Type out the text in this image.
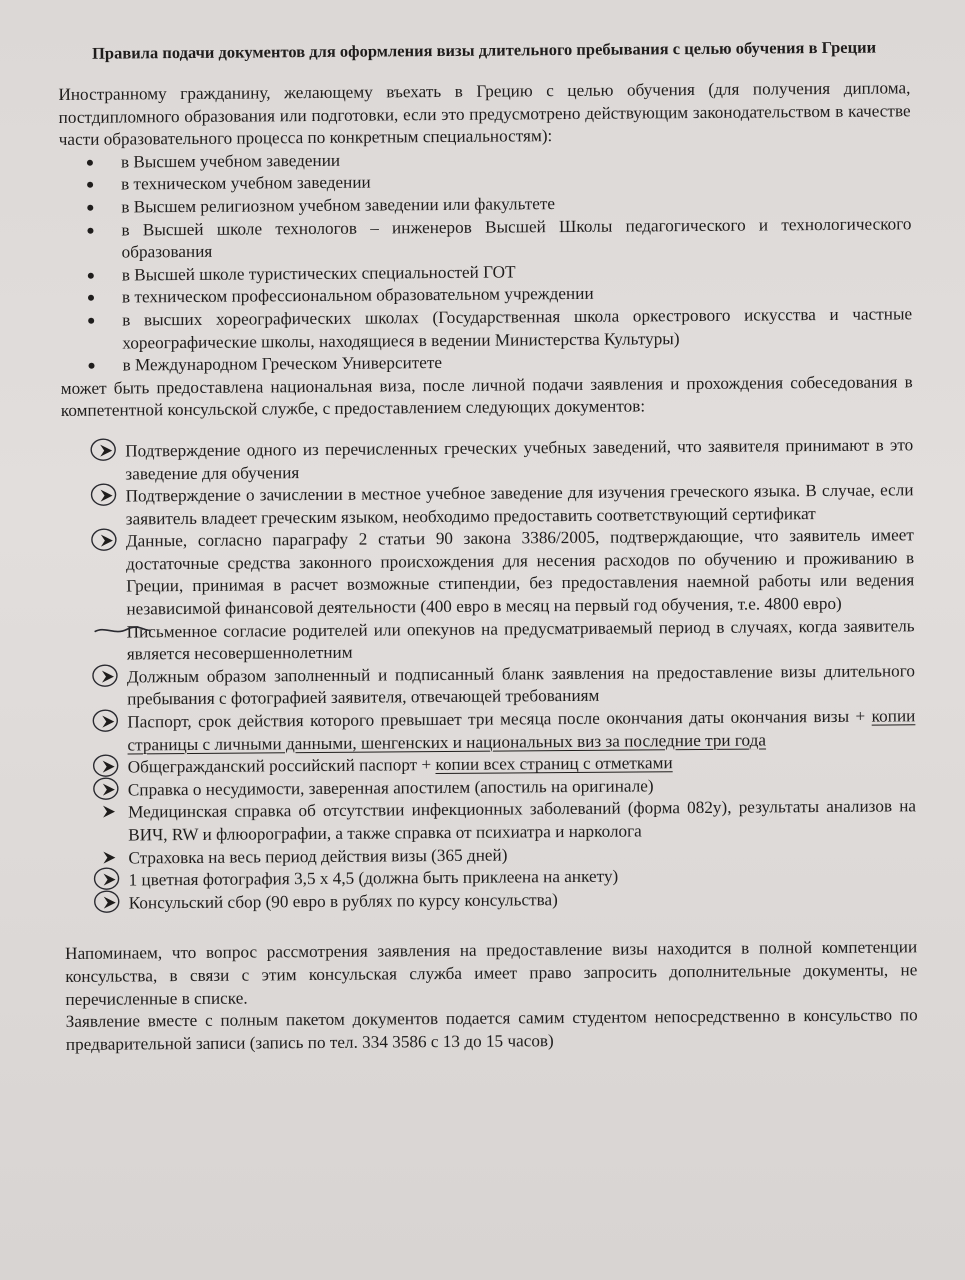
Правила подачи документов для оформления визы длительного пребывания с целью обучения в Греции

Иностранному гражданину, желающему въехать в Грецию с целью обучения (для получения диплома, постдипломного образования или подготовки, если это предусмотрено действующим законодательством в качестве части образовательного процесса по конкретным специальностям):

в Высшем учебном заведении
в техническом учебном заведении
в Высшем религиозном учебном заведении или факультете
в Высшей школе технологов – инженеров Высшей Школы педагогического и технологического образования
в Высшей школе туристических специальностей ГОТ
в техническом профессиональном образовательном учреждении
в высших хореографических школах (Государственная школа оркестрового искусства и частные хореографические школы, находящиеся в ведении Министерства Культуры)
в Международном Греческом Университете

может быть предоставлена национальная виза, после личной подачи заявления и прохождения собеседования в компетентной консульской службе, с предоставлением следующих документов:

Подтверждение одного из перечисленных греческих учебных заведений, что заявителя принимают в это заведение для обучения
Подтверждение о зачислении в местное учебное заведение для изучения греческого языка. В случае, если заявитель владеет греческим языком, необходимо предоставить соответствующий сертификат
Данные, согласно параграфу 2 статьи 90 закона 3386/2005, подтверждающие, что заявитель имеет достаточные средства законного происхождения для несения расходов по обучению и проживанию в Греции, принимая в расчет возможные стипендии, без предоставления наемной работы или ведения независимой финансовой деятельности (400 евро в месяц на первый год обучения, т.е. 4800 евро)
Письменное согласие родителей или опекунов на предусматриваемый период в случаях, когда заявитель является несовершеннолетним
Должным образом заполненный и подписанный бланк заявления на предоставление визы длительного пребывания с фотографией заявителя, отвечающей требованиям
Паспорт, срок действия которого превышает три месяца после окончания даты окончания визы + копии страницы с личными данными, шенгенских и национальных виз за последние три года
Общегражданский российский паспорт + копии всех страниц с отметками
Справка о несудимости, заверенная апостилем (апостиль на оригинале)
Медицинская справка об отсутствии инфекционных заболеваний (форма 082у), результаты анализов на ВИЧ, RW и флюорографии, а также справка от психиатра и нарколога
Страховка на весь период действия визы (365 дней)
1 цветная фотография 3,5 х 4,5 (должна быть приклеена на анкету)
Консульский сбор (90 евро в рублях по курсу консульства)

Напоминаем, что вопрос рассмотрения заявления на предоставление визы находится в полной компетенции консульства, в связи с этим консульская служба имеет право запросить дополнительные документы, не перечисленные в списке.

Заявление вместе с полным пакетом документов подается самим студентом непосредственно в консульство по предварительной записи (запись по тел. 334 3586 с 13 до 15 часов)
